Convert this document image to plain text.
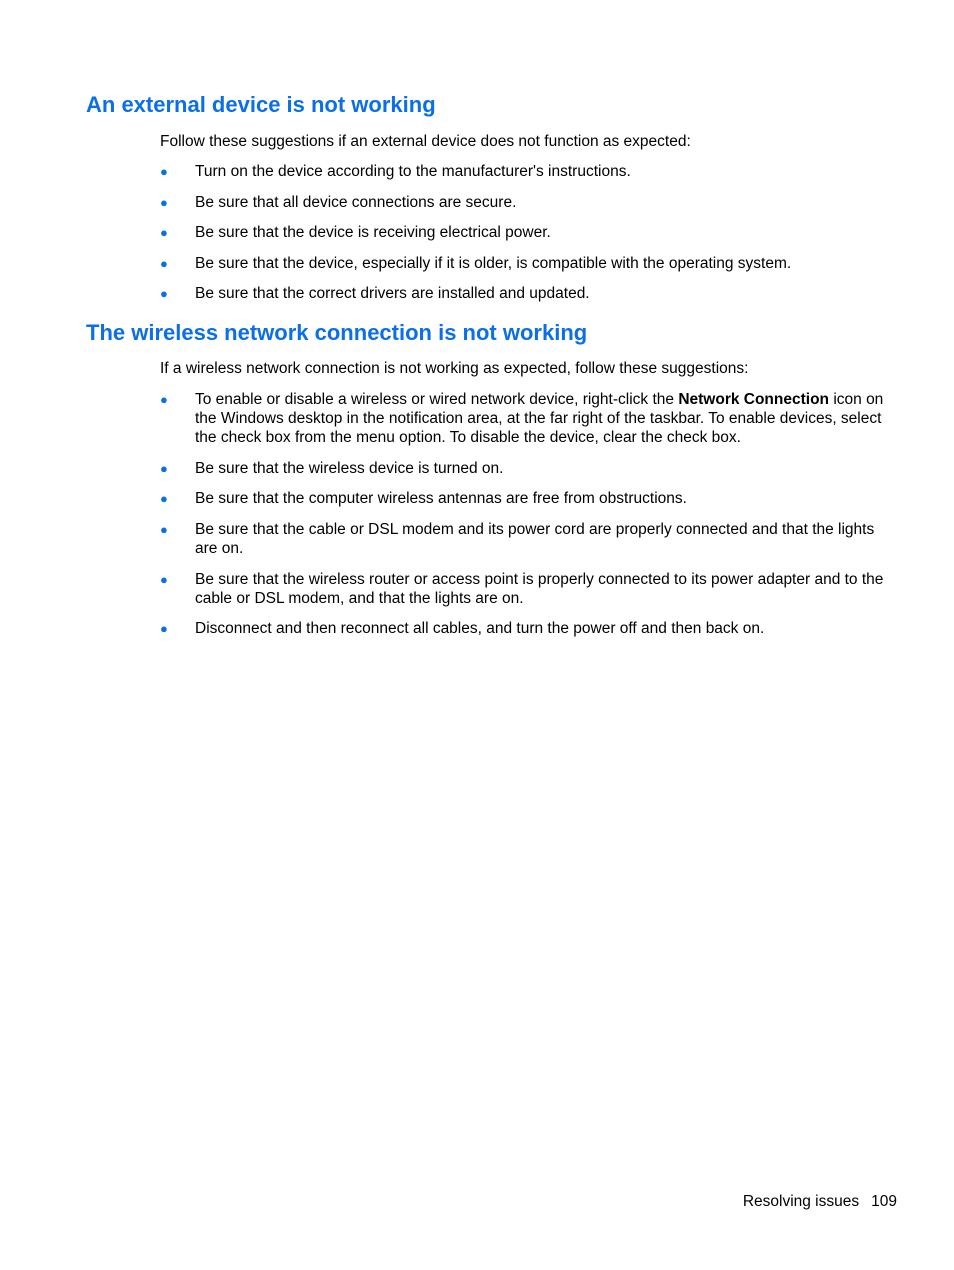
An external device is not working

Follow these suggestions if an external device does not function as expected:

● Turn on the device according to the manufacturer's instructions.
● Be sure that all device connections are secure.
● Be sure that the device is receiving electrical power.
● Be sure that the device, especially if it is older, is compatible with the operating system.
● Be sure that the correct drivers are installed and updated.
The wireless network connection is not working

If a wireless network connection is not working as expected, follow these suggestions:

● To enable or disable a wireless or wired network device, right-click the Network Connection icon on the Windows desktop in the notification area, at the far right of the taskbar. To enable devices, select the check box from the menu option. To disable the device, clear the check box.
● Be sure that the wireless device is turned on.
● Be sure that the computer wireless antennas are free from obstructions.
● Be sure that the cable or DSL modem and its power cord are properly connected and that the lights are on.
● Be sure that the wireless router or access point is properly connected to its power adapter and to the cable or DSL modem, and that the lights are on.
● Disconnect and then reconnect all cables, and turn the power off and then back on.
Resolving issues 109
